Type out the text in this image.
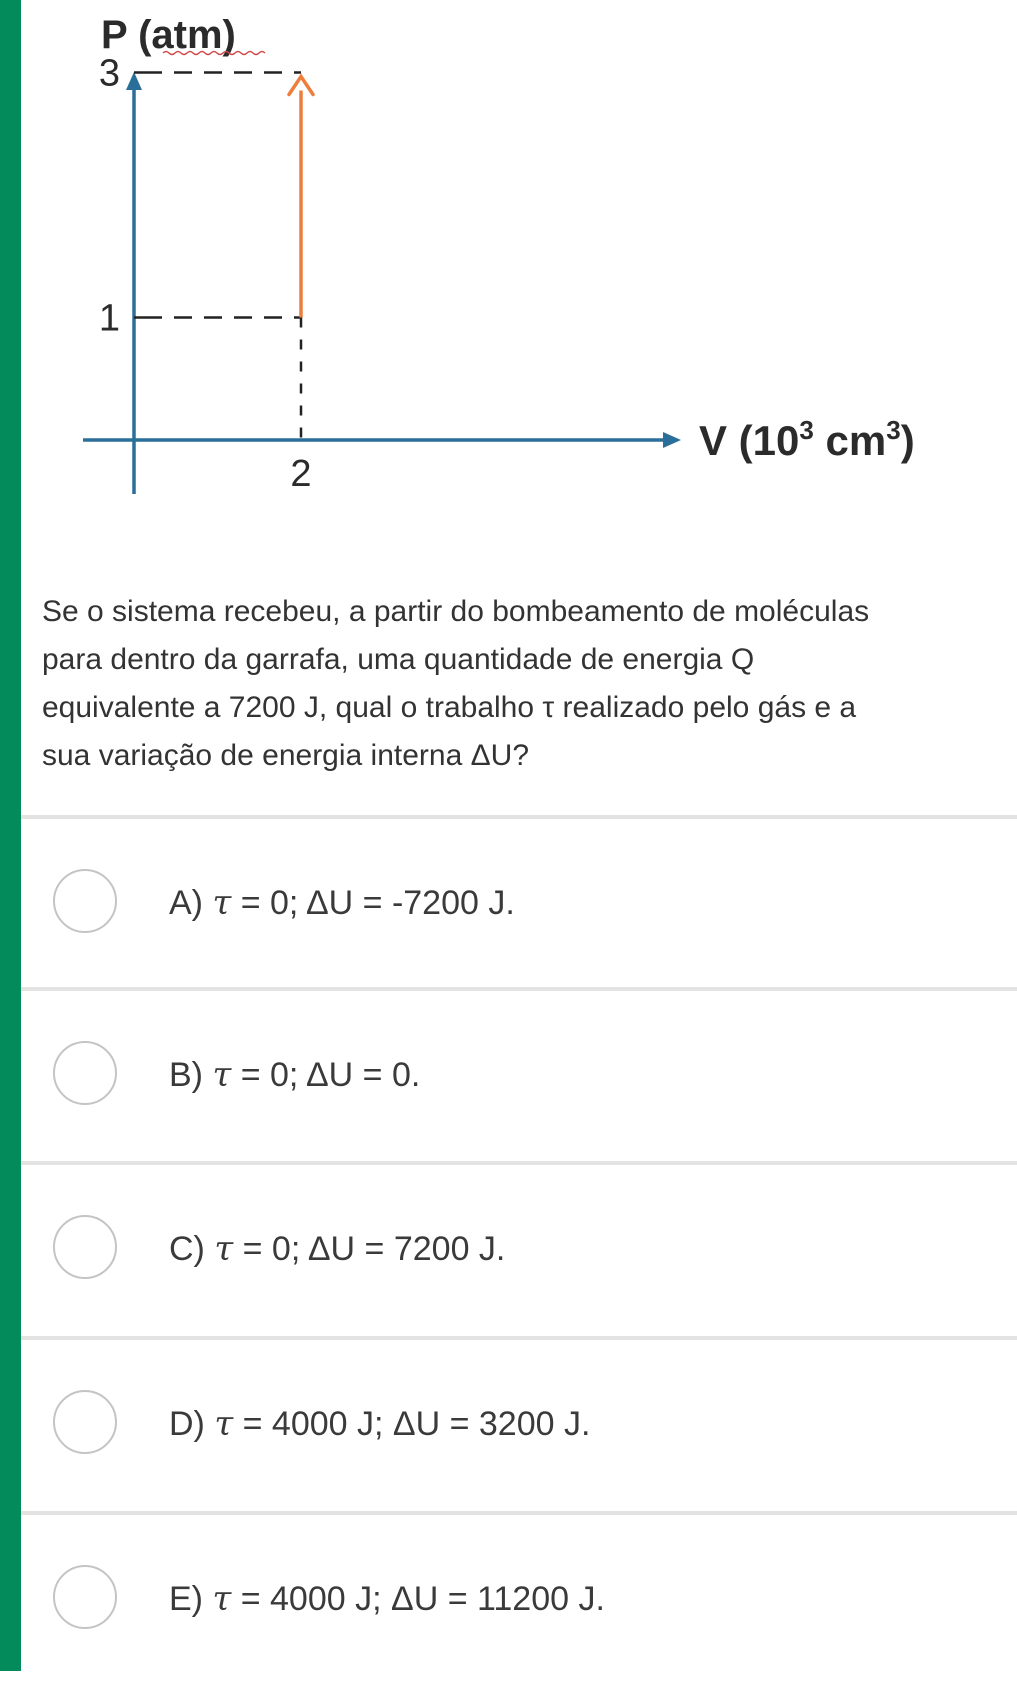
P (atm)
V ($10^3$ $cm^3$)
3
1
2

Se o sistema recebeu, a partir do bombeamento de moléculas

para dentro da garrafa, uma quantidade de energia Q

equivalente a 7200 J, qual o trabalho τ realizado pelo gás e a

sua variação de energia interna ΔU?

A) τ = 0; ΔU = -7200 J.
B) τ = 0; ΔU = 0.
C) τ = 0; ΔU = 7200 J.
D) τ = 4000 J; ΔU = 3200 J.
E) τ = 4000 J; ΔU = 11200 J.
